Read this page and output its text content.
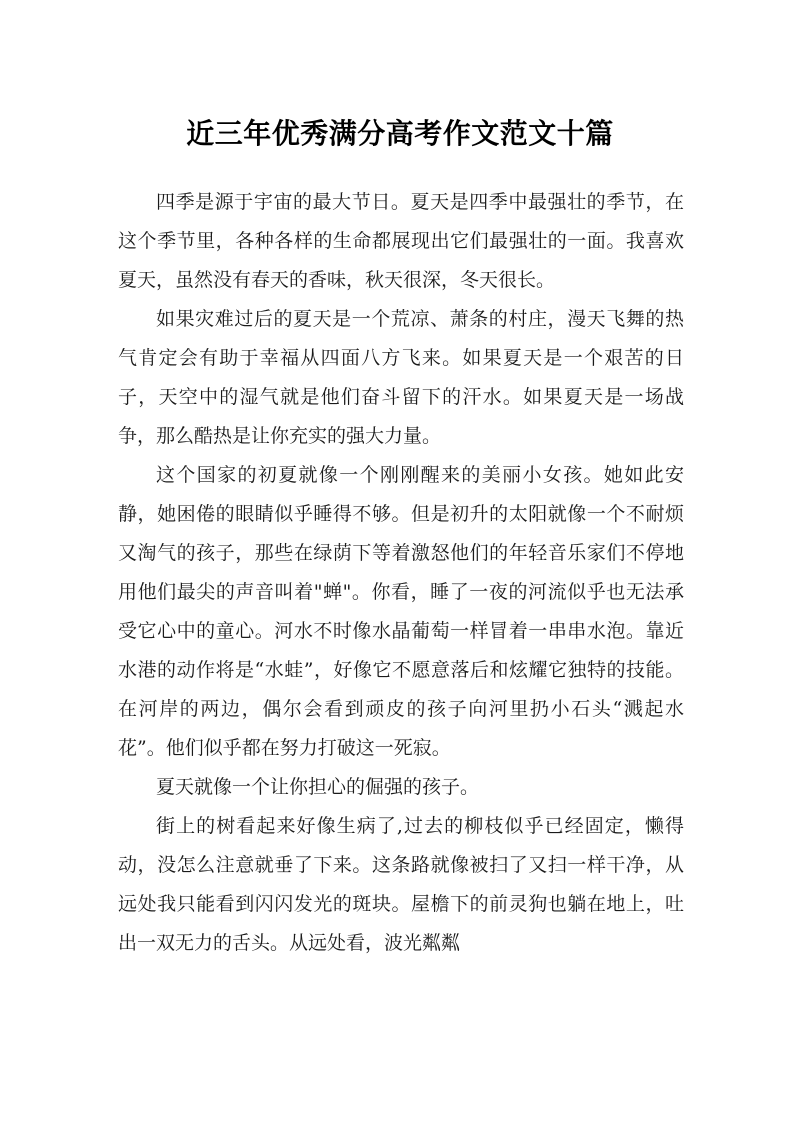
近三年优秀满分高考作文范文十篇

四季是源于宇宙的最大节日。夏天是四季中最强壮的季节，在这个季节里，各种各样的生命都展现出它们最强壮的一面。我喜欢夏天，虽然没有春天的香味，秋天很深，冬天很长。

如果灾难过后的夏天是一个荒凉、萧条的村庄，漫天飞舞的热气肯定会有助于幸福从四面八方飞来。如果夏天是一个艰苦的日子，天空中的湿气就是他们奋斗留下的汗水。如果夏天是一场战争，那么酷热是让你充实的强大力量。

这个国家的初夏就像一个刚刚醒来的美丽小女孩。她如此安静，她困倦的眼睛似乎睡得不够。但是初升的太阳就像一个不耐烦又淘气的孩子，那些在绿荫下等着激怒他们的年轻音乐家们不停地用他们最尖的声音叫着"蝉"。你看，睡了一夜的河流似乎也无法承受它心中的童心。河水不时像水晶葡萄一样冒着一串串水泡。靠近水港的动作将是“水蛙”，好像它不愿意落后和炫耀它独特的技能。在河岸的两边，偶尔会看到顽皮的孩子向河里扔小石头“溅起水花”。他们似乎都在努力打破这一死寂。

夏天就像一个让你担心的倔强的孩子。

街上的树看起来好像生病了,过去的柳枝似乎已经固定，懒得动，没怎么注意就垂了下来。这条路就像被扫了又扫一样干净，从远处我只能看到闪闪发光的斑块。屋檐下的前灵狗也躺在地上，吐出一双无力的舌头。从远处看，波光粼粼
